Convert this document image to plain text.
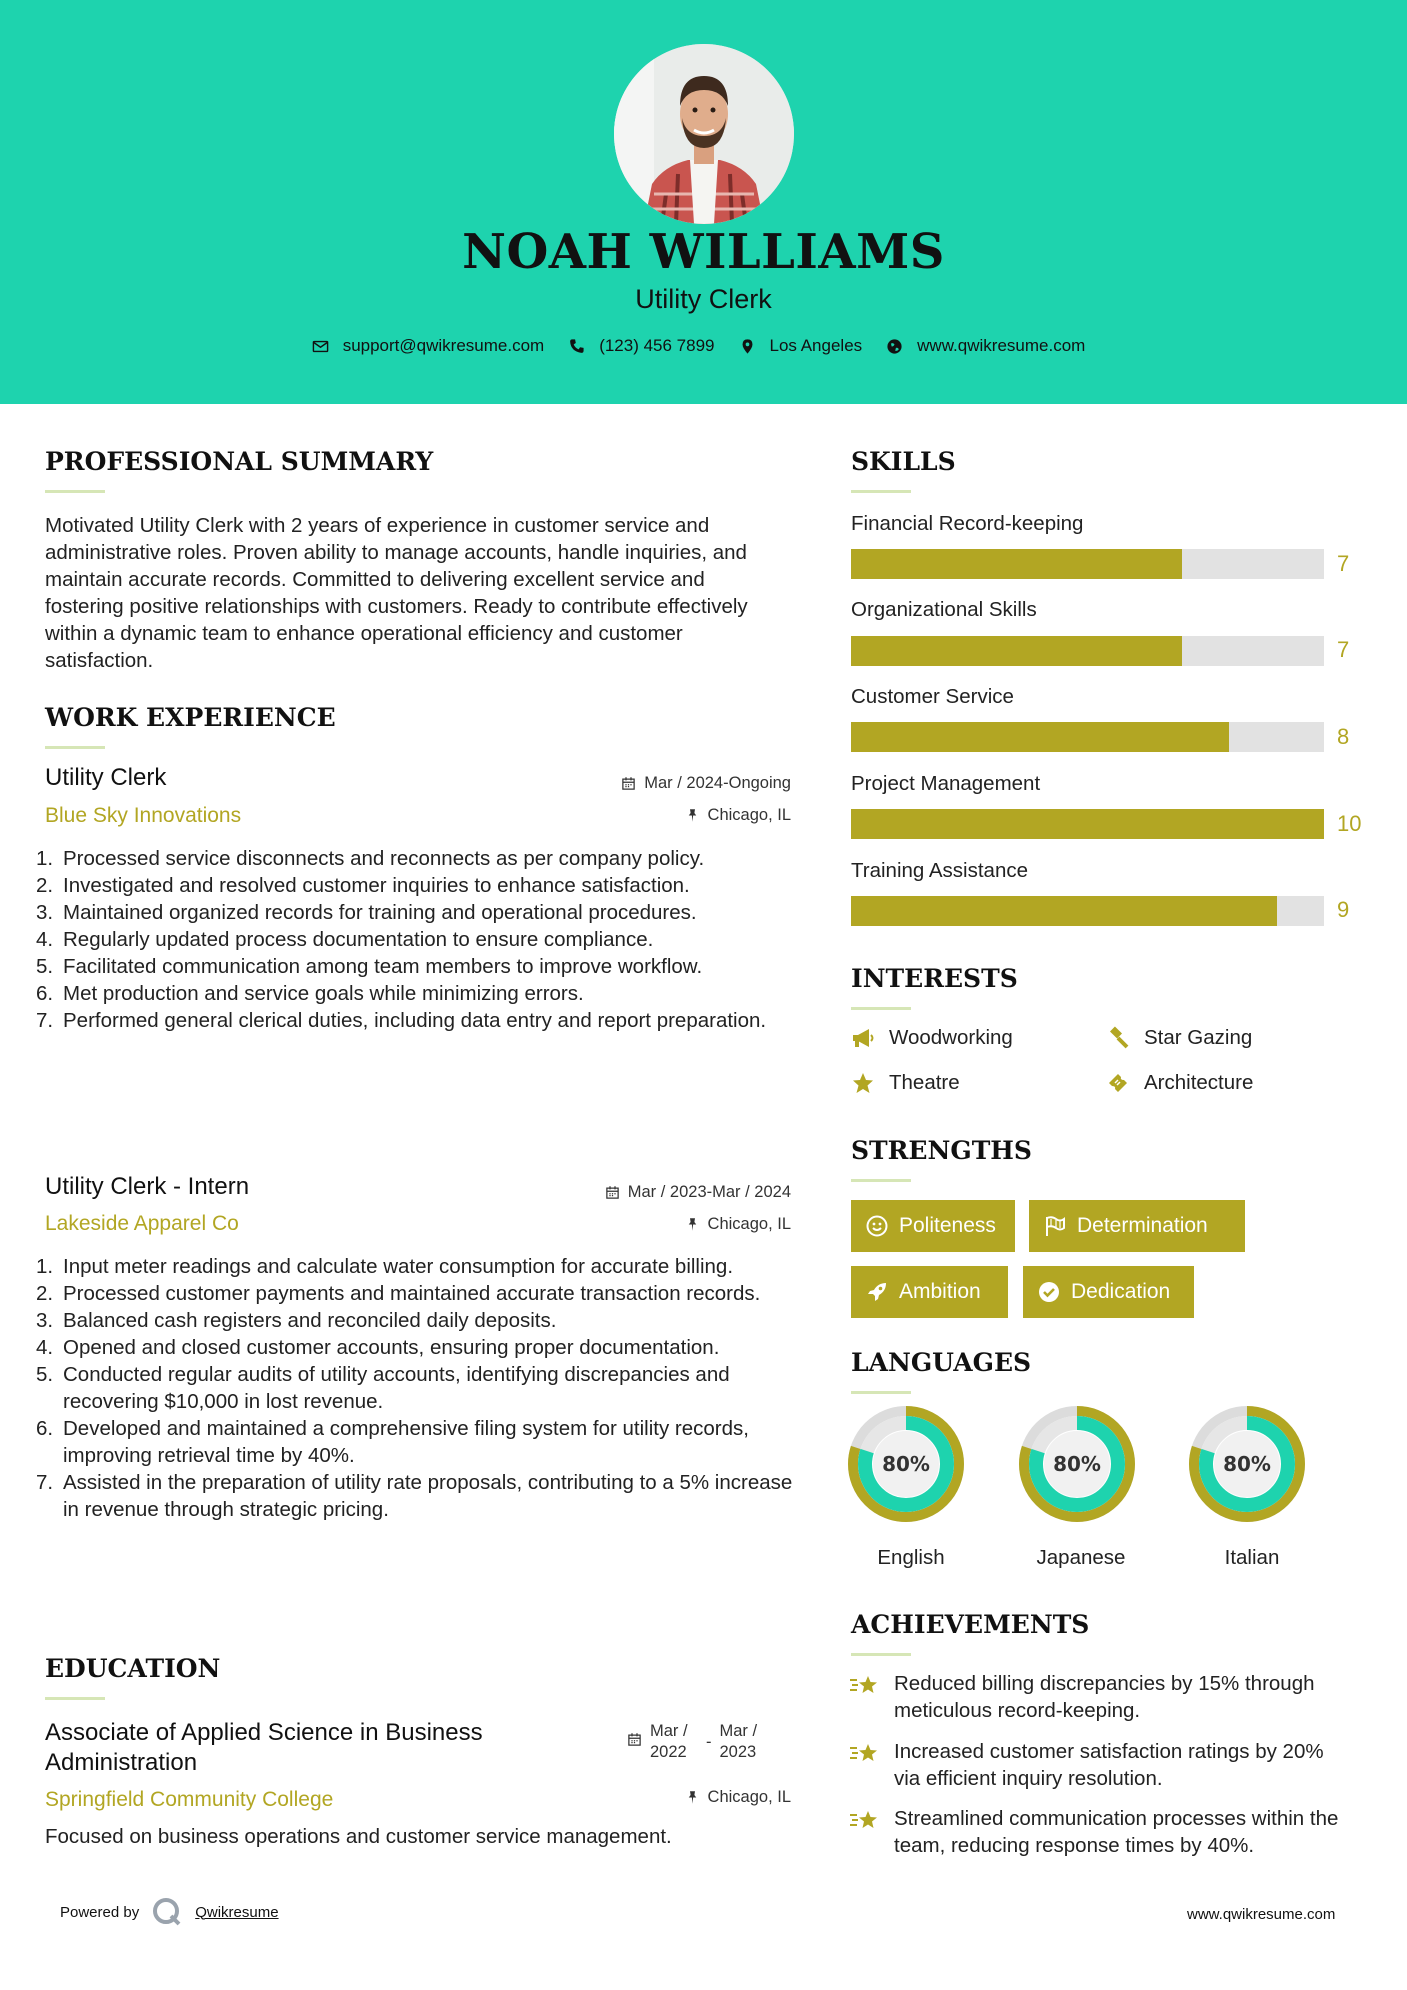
NOAH WILLIAMS
Utility Clerk
support@qwikresume.com	(123) 456 7899	Los Angeles	www.qwikresume.com
PROFESSIONAL SUMMARY
Motivated Utility Clerk with 2 years of experience in customer service and administrative roles. Proven ability to manage accounts, handle inquiries, and maintain accurate records. Committed to delivering excellent service and fostering positive relationships with customers. Ready to contribute effectively within a dynamic team to enhance operational efficiency and customer satisfaction.
WORK EXPERIENCE
Utility Clerk	Mar / 2024-Ongoing
Blue Sky Innovations	Chicago, IL
1. Processed service disconnects and reconnects as per company policy.
2. Investigated and resolved customer inquiries to enhance satisfaction.
3. Maintained organized records for training and operational procedures.
4. Regularly updated process documentation to ensure compliance.
5. Facilitated communication among team members to improve workflow.
6. Met production and service goals while minimizing errors.
7. Performed general clerical duties, including data entry and report preparation.
Utility Clerk - Intern	Mar / 2023-Mar / 2024
Lakeside Apparel Co	Chicago, IL
1. Input meter readings and calculate water consumption for accurate billing.
2. Processed customer payments and maintained accurate transaction records.
3. Balanced cash registers and reconciled daily deposits.
4. Opened and closed customer accounts, ensuring proper documentation.
5. Conducted regular audits of utility accounts, identifying discrepancies and recovering $10,000 in lost revenue.
6. Developed and maintained a comprehensive filing system for utility records, improving retrieval time by 40%.
7. Assisted in the preparation of utility rate proposals, contributing to a 5% increase in revenue through strategic pricing.
EDUCATION
Associate of Applied Science in Business Administration
Mar / 2022
-
Mar / 2023
Springfield Community College	Chicago, IL
Focused on business operations and customer service management.
SKILLS
Financial Record-keeping
7
Organizational Skills
7
Customer Service
8
Project Management
10
Training Assistance
9
INTERESTS
Woodworking	Star Gazing
Theatre	Architecture
STRENGTHS
Politeness	Determination
Ambition	Dedication
LANGUAGES
80%	80%	80%
English	Japanese	Italian
ACHIEVEMENTS
Reduced billing discrepancies by 15% through meticulous record-keeping.
Increased customer satisfaction ratings by 20% via efficient inquiry resolution.
Streamlined communication processes within the team, reducing response times by 40%.
Powered by	Qwikresume	www.qwikresume.com
